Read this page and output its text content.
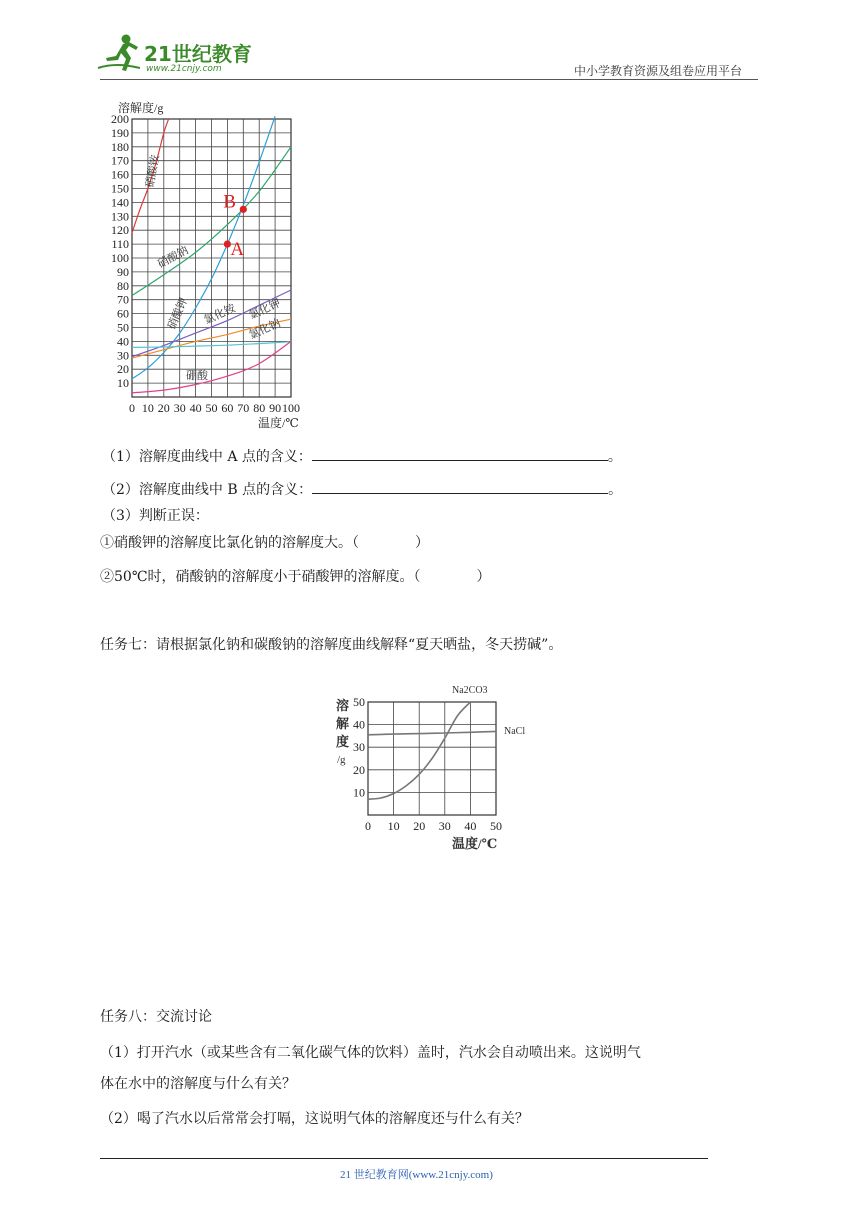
21世纪教育
www.21cnjy.com	中小学教育资源及组卷应用平台
溶解度/g
10
20
30
40
50
60
70
80
90
100
110
120
130
140
150
160
170
180
190
200
0 10 20 30 40 50 60 70 80 90 100
硝酸铵
硝酸钠
硝酸钾 氯化铵 氯化钾
氯化钠
硼酸
A
B
温度/℃
（1）溶解度曲线中 A 点的含义：	。
（2）溶解度曲线中 B 点的含义：	。
（3）判断正误：
①硝酸钾的溶解度比氯化钠的溶解度大。（　　　　）
②50℃时，硝酸钠的溶解度小于硝酸钾的溶解度。（　　　　）
任务七：请根据氯化钠和碳酸钠的溶解度曲线解释“夏天晒盐，冬天捞碱”。
溶
解
度
/g
10
20
30
40
50
0 10 20 30 40 50
Na2CO3
NaCl
温度/℃
任务八：交流讨论
（1）打开汽水（或某些含有二氧化碳气体的饮料）盖时，汽水会自动喷出来。这说明气
体在水中的溶解度与什么有关？
（2）喝了汽水以后常常会打嗝，这说明气体的溶解度还与什么有关？
21 世纪教育网(www.21cnjy.com)
